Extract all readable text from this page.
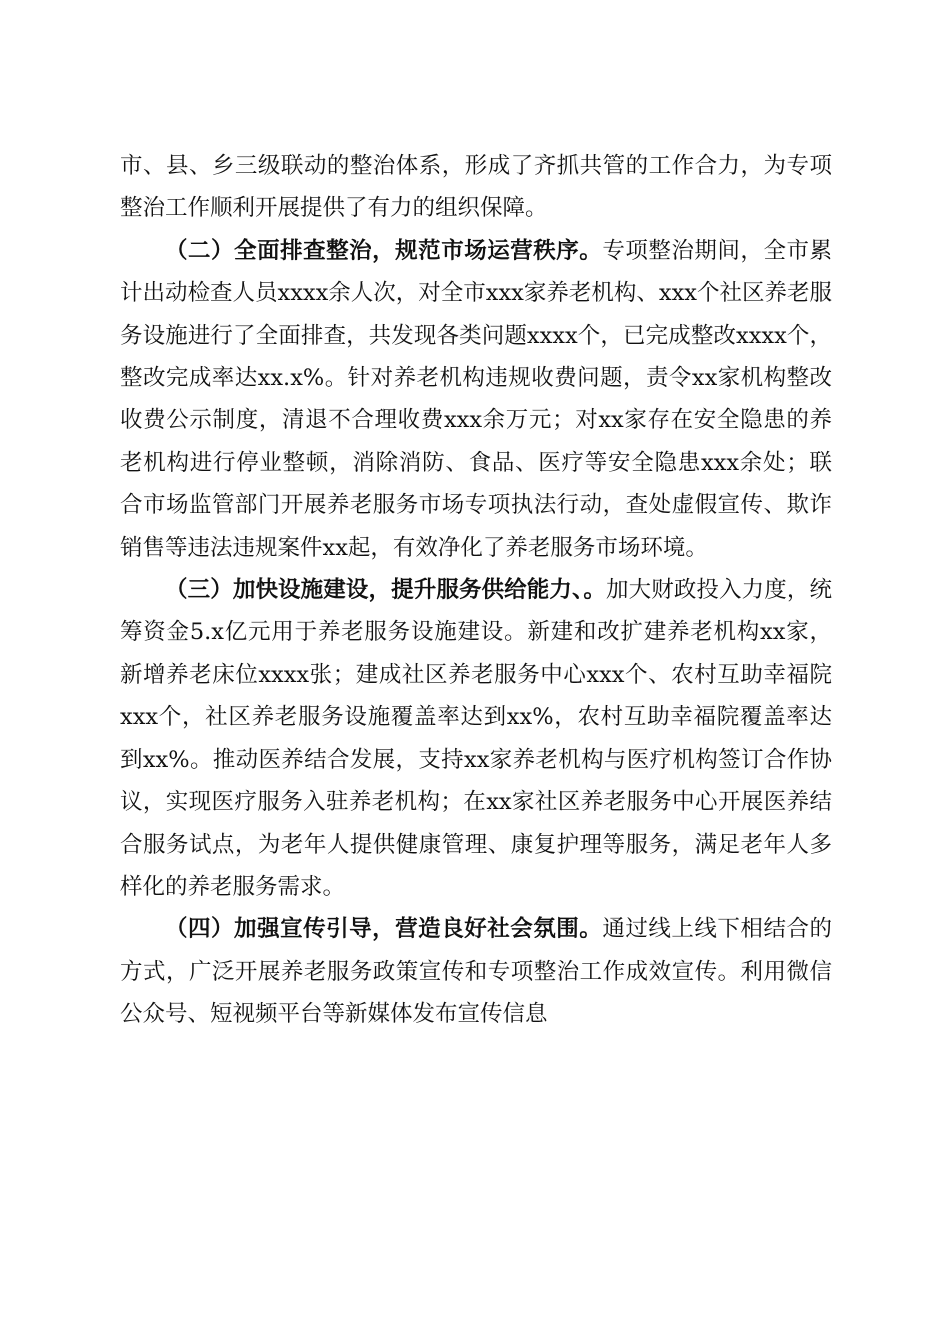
市、县、乡三级联动的整治体系，形成了齐抓共管的工作合力，为专项整治工作顺利开展提供了有力的组织保障。

（二）全面排查整治，规范市场运营秩序。专项整治期间，全市累计出动检查人员xxxx余人次，对全市xxx家养老机构、xxx个社区养老服务设施进行了全面排查，共发现各类问题xxxx个，已完成整改xxxx个，整改完成率达xx.x%。针对养老机构违规收费问题，责令xx家机构整改收费公示制度，清退不合理收费xxx余万元；对xx家存在安全隐患的养老机构进行停业整顿，消除消防、食品、医疗等安全隐患xxx余处；联合市场监管部门开展养老服务市场专项执法行动，查处虚假宣传、欺诈销售等违法违规案件xx起，有效净化了养老服务市场环境。

（三）加快设施建设，提升服务供给能力、。加大财政投入力度，统筹资金5.x亿元用于养老服务设施建设。新建和改扩建养老机构xx家，新增养老床位xxxx张；建成社区养老服务中心xxx个、农村互助幸福院xxx个，社区养老服务设施覆盖率达到xx%，农村互助幸福院覆盖率达到xx%。推动医养结合发展，支持xx家养老机构与医疗机构签订合作协议，实现医疗服务入驻养老机构；在xx家社区养老服务中心开展医养结合服务试点，为老年人提供健康管理、康复护理等服务，满足老年人多样化的养老服务需求。

（四）加强宣传引导，营造良好社会氛围。通过线上线下相结合的方式，广泛开展养老服务政策宣传和专项整治工作成效宣传。利用微信公众号、短视频平台等新媒体发布宣传信息
